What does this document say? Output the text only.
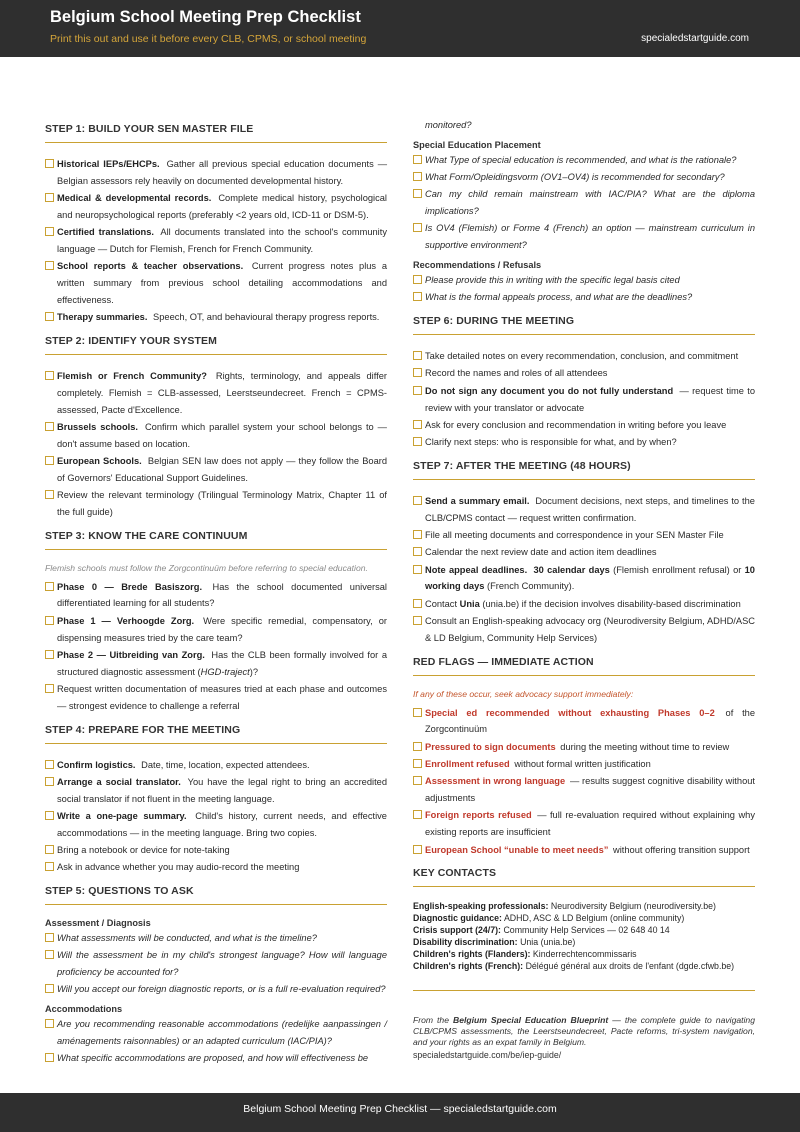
Belgium School Meeting Prep Checklist
Print this out and use it before every CLB, CPMS, or school meeting	specialedstartguide.com
STEP 1: BUILD YOUR SEN MASTER FILE
Historical IEPs/EHCPs. Gather all previous special education documents — Belgian assessors rely heavily on documented developmental history.
Medical & developmental records. Complete medical history, psychological and neuropsychological reports (preferably <2 years old, ICD-11 or DSM-5).
Certified translations. All documents translated into the school's community language — Dutch for Flemish, French for French Community.
School reports & teacher observations. Current progress notes plus a written summary from previous school detailing accommodations and effectiveness.
Therapy summaries. Speech, OT, and behavioural therapy progress reports.
STEP 2: IDENTIFY YOUR SYSTEM
Flemish or French Community? Rights, terminology, and appeals differ completely. Flemish = CLB-assessed, Leerstseundecreet. French = CPMS-assessed, Pacte d'Excellence.
Brussels schools. Confirm which parallel system your school belongs to — don't assume based on location.
European Schools. Belgian SEN law does not apply — they follow the Board of Governors' Educational Support Guidelines.
Review the relevant terminology (Trilingual Terminology Matrix, Chapter 11 of the full guide)
STEP 3: KNOW THE CARE CONTINUUM
Flemish schools must follow the Zorgcontinuüm before referring to special education.
Phase 0 — Brede Basiszorg. Has the school documented universal differentiated learning for all students?
Phase 1 — Verhoogde Zorg. Were specific remedial, compensatory, or dispensing measures tried by the care team?
Phase 2 — Uitbreiding van Zorg. Has the CLB been formally involved for a structured diagnostic assessment (HGD-traject)?
Request written documentation of measures tried at each phase and outcomes — strongest evidence to challenge a referral
STEP 4: PREPARE FOR THE MEETING
Confirm logistics. Date, time, location, expected attendees.
Arrange a social translator. You have the legal right to bring an accredited social translator if not fluent in the meeting language.
Write a one-page summary. Child's history, current needs, and effective accommodations — in the meeting language. Bring two copies.
Bring a notebook or device for note-taking
Ask in advance whether you may audio-record the meeting
STEP 5: QUESTIONS TO ASK
Assessment / Diagnosis
What assessments will be conducted, and what is the timeline?
Will the assessment be in my child's strongest language? How will language proficiency be accounted for?
Will you accept our foreign diagnostic reports, or is a full re-evaluation required?
Accommodations
Are you recommending reasonable accommodations (redelijke aanpassingen / aménagements raisonnables) or an adapted curriculum (IAC/PIA)?
What specific accommodations are proposed, and how will effectiveness be
monitored?
Special Education Placement
What Type of special education is recommended, and what is the rationale?
What Form/Opleidingsvorm (OV1–OV4) is recommended for secondary?
Can my child remain mainstream with IAC/PIA? What are the diploma implications?
Is OV4 (Flemish) or Forme 4 (French) an option — mainstream curriculum in supportive environment?
Recommendations / Refusals
Please provide this in writing with the specific legal basis cited
What is the formal appeals process, and what are the deadlines?
STEP 6: DURING THE MEETING
Take detailed notes on every recommendation, conclusion, and commitment
Record the names and roles of all attendees
Do not sign any document you do not fully understand — request time to review with your translator or advocate
Ask for every conclusion and recommendation in writing before you leave
Clarify next steps: who is responsible for what, and by when?
STEP 7: AFTER THE MEETING (48 HOURS)
Send a summary email. Document decisions, next steps, and timelines to the CLB/CPMS contact — request written confirmation.
File all meeting documents and correspondence in your SEN Master File
Calendar the next review date and action item deadlines
Note appeal deadlines. 30 calendar days (Flemish enrollment refusal) or 10 working days (French Community).
Contact Unia (unia.be) if the decision involves disability-based discrimination
Consult an English-speaking advocacy org (Neurodiversity Belgium, ADHD/ASC & LD Belgium, Community Help Services)
RED FLAGS — IMMEDIATE ACTION
If any of these occur, seek advocacy support immediately:
Special ed recommended without exhausting Phases 0–2 of the Zorgcontinuüm
Pressured to sign documents during the meeting without time to review
Enrollment refused without formal written justification
Assessment in wrong language — results suggest cognitive disability without adjustments
Foreign reports refused — full re-evaluation required without explaining why existing reports are insufficient
European School “unable to meet needs” without offering transition support
KEY CONTACTS
English-speaking professionals: Neurodiversity Belgium (neurodiversity.be)
Diagnostic guidance: ADHD, ASC & LD Belgium (online community)
Crisis support (24/7): Community Help Services — 02 648 40 14
Disability discrimination: Unia (unia.be)
Children's rights (Flanders): Kinderrechtencommissaris
Children's rights (French): Délégué général aux droits de l'enfant (dgde.cfwb.be)
From the Belgium Special Education Blueprint — the complete guide to navigating CLB/CPMS assessments, the Leerstseundecreet, Pacte reforms, tri-system navigation, and your rights as an expat family in Belgium.
specialedstartguide.com/be/iep-guide/
Belgium School Meeting Prep Checklist — specialedstartguide.com
